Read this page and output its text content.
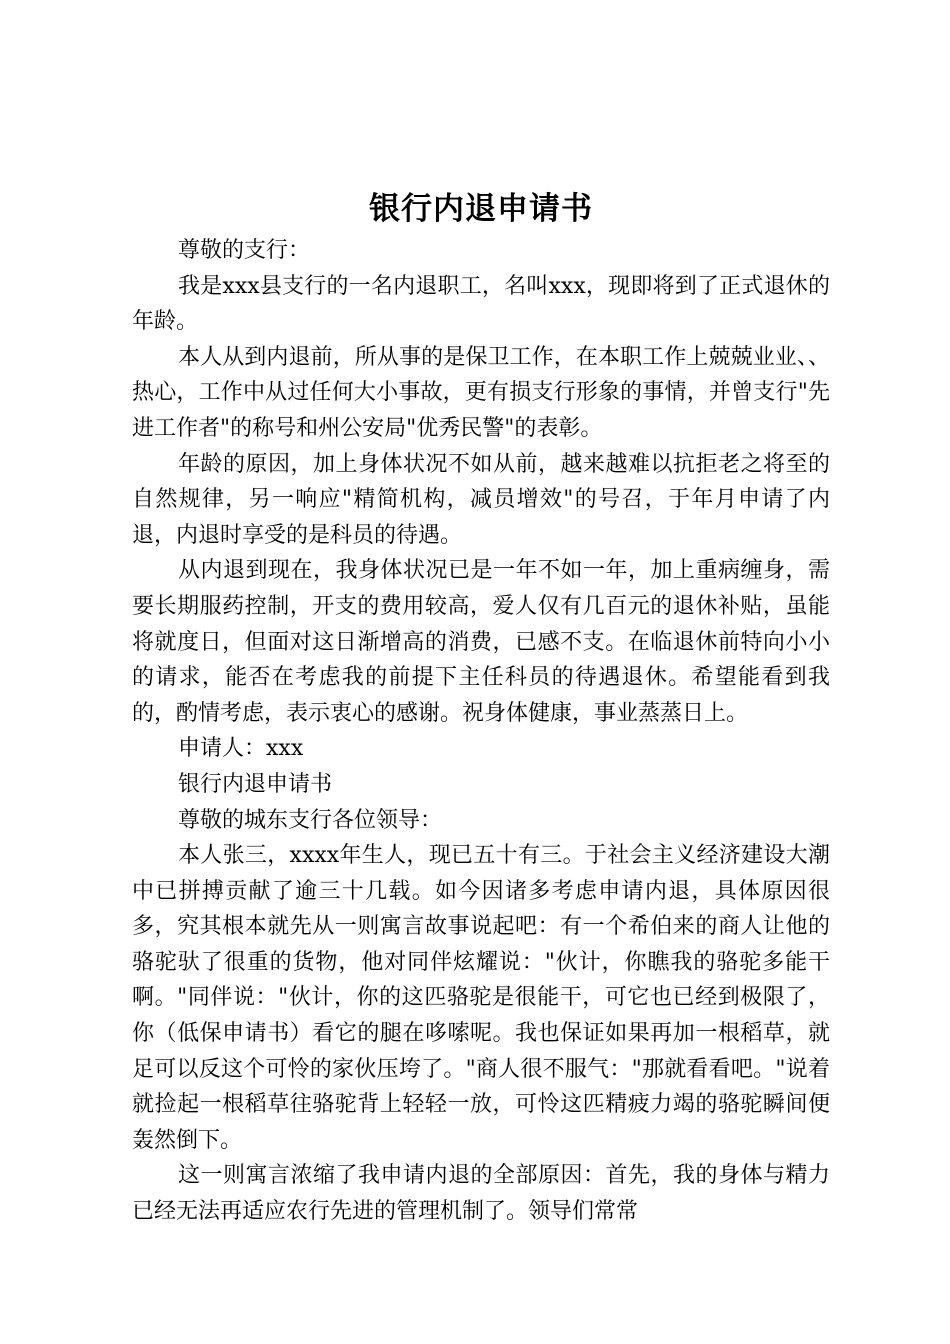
银行内退申请书

尊敬的支行：

我是xxx县支行的一名内退职工，名叫xxx，现即将到了正式退休的年龄。

本人从到内退前，所从事的是保卫工作，在本职工作上兢兢业业、、热心，工作中从过任何大小事故，更有损支行形象的事情，并曾支行"先进工作者"的称号和州公安局"优秀民警"的表彰。

年龄的原因，加上身体状况不如从前，越来越难以抗拒老之将至的自然规律，另一响应"精简机构，减员增效"的号召，于年月申请了内退，内退时享受的是科员的待遇。

从内退到现在，我身体状况已是一年不如一年，加上重病缠身，需要长期服药控制，开支的费用较高，爱人仅有几百元的退休补贴，虽能将就度日，但面对这日渐增高的消费，已感不支。在临退休前特向小小的请求，能否在考虑我的前提下主任科员的待遇退休。希望能看到我的，酌情考虑，表示衷心的感谢。祝身体健康，事业蒸蒸日上。

申请人：xxx

银行内退申请书

尊敬的城东支行各位领导：

本人张三，xxxx年生人，现已五十有三。于社会主义经济建设大潮中已拼搏贡献了逾三十几载。如今因诸多考虑申请内退，具体原因很多，究其根本就先从一则寓言故事说起吧：有一个希伯来的商人让他的骆驼驮了很重的货物，他对同伴炫耀说："伙计，你瞧我的骆驼多能干啊。"同伴说："伙计，你的这匹骆驼是很能干，可它也已经到极限了，你（低保申请书）看它的腿在哆嗦呢。我也保证如果再加一根稻草，就足可以反这个可怜的家伙压垮了。"商人很不服气："那就看看吧。"说着就捡起一根稻草往骆驼背上轻轻一放，可怜这匹精疲力竭的骆驼瞬间便轰然倒下。

这一则寓言浓缩了我申请内退的全部原因：首先，我的身体与精力已经无法再适应农行先进的管理机制了。领导们常常
